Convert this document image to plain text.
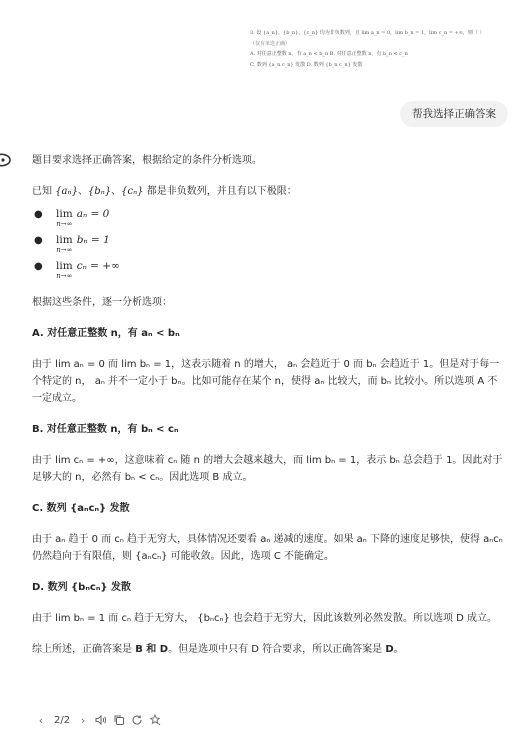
3. 设 {a_n}、{b_n}、{c_n} 均为非负数列，且 lim a_n = 0，lim b_n = 1，lim c_n = +∞，则（ ）
（仅有单选正确）
A. 对任意正整数 n，有 a_n < b_n B. 对任意正整数 n，有 b_n < c_n
C. 数列 {a_n c_n} 发散 D. 数列 {b_n c_n} 发散
帮我选择正确答案

题目要求选择正确答案，根据给定的条件分析选项。

已知 {aₙ}、{bₙ}、{cₙ} 都是非负数列，并且有以下极限：

●	lim
n→∞
aₙ = 0
●	lim
n→∞
bₙ = 1
●	lim
n→∞
cₙ = +∞

根据这些条件，逐一分析选项：

A. 对任意正整数 n，有 aₙ < bₙ

由于 lim aₙ = 0 而 lim bₙ = 1，这表示随着 n 的增大， aₙ 会趋近于 0 而 bₙ 会趋近于 1。但是对于每一个特定的 n， aₙ 并不一定小于 bₙ。比如可能存在某个 n，使得 aₙ 比较大，而 bₙ 比较小。所以选项 A 不一定成立。

B. 对任意正整数 n，有 bₙ < cₙ

由于 lim cₙ = +∞，这意味着 cₙ 随 n 的增大会越来越大，而 lim bₙ = 1，表示 bₙ 总会趋于 1。因此对于足够大的 n，必然有 bₙ < cₙ。因此选项 B 成立。

C. 数列 {aₙcₙ} 发散

由于 aₙ 趋于 0 而 cₙ 趋于无穷大，具体情况还要看 aₙ 递减的速度。如果 aₙ 下降的速度足够快，使得 aₙcₙ 仍然趋向于有限值，则 {aₙcₙ} 可能收敛。因此，选项 C 不能确定。

D. 数列 {bₙcₙ} 发散

由于 lim bₙ = 1 而 cₙ 趋于无穷大， {bₙcₙ} 也会趋于无穷大，因此该数列必然发散。所以选项 D 成立。

综上所述，正确答案是 B 和 D。但是选项中只有 D 符合要求，所以正确答案是 D。

‹	2/2 ›
